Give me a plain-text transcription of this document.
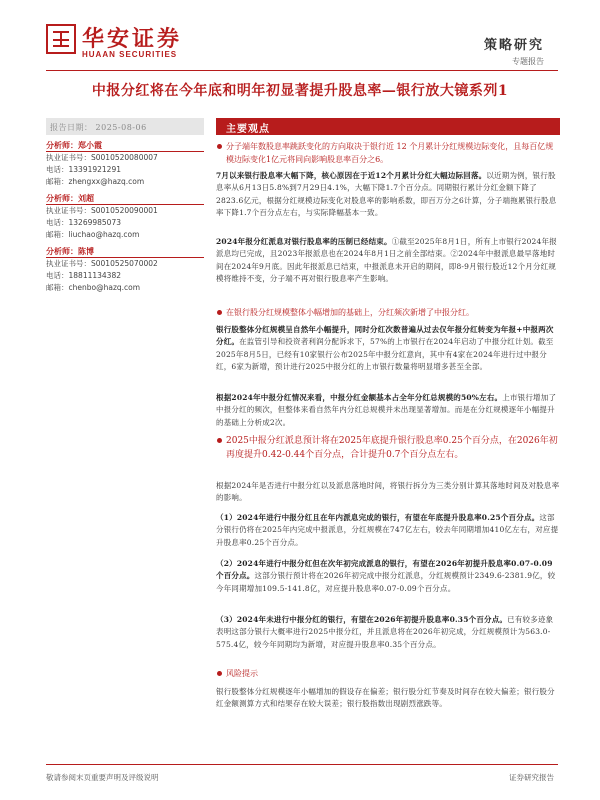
华安证券
HUAAN SECURITIES
策略研究
专题报告
中报分红将在今年底和明年初显著提升股息率—银行放大镜系列1
报告日期： 2025-08-06
分析师：郑小霞
执业证书号：S0010520080007
电话：13391921291
邮箱：zhengxx@hazq.com
分析师：刘超
执业证书号：S0010520090001
电话：13269985073
邮箱：liuchao@hazq.com
分析师：陈博
执业证书号：S0010525070002
电话：18811134382
邮箱：chenbo@hazq.com
主要观点
分子端年数股息率跳跃变化的方向取决于银行近 12 个月累计分红规模边际变化，且每百亿规模边际变化1亿元将同向影响股息率百分之6。
7月以来银行股息率大幅下降，核心原因在于近12个月累计分红大幅边际回落。以近期为例，银行股息率从6月13日5.8%到7月29日4.1%，大幅下降1.7个百分点。同期银行累计分红金额下降了2823.6亿元，根据分红规模边际变化对股息率的影响系数，即百万分之6计算，分子端拖累银行股息率下降1.7个百分点左右，与实际降幅基本一致。
2024年报分红派息对银行股息率的压制已经结束。①截至2025年8月1日，所有上市银行2024年报派息均已完成，且2023年报派息也在2024年8月1日之前全部结束。②2024年中报派息最早落地时间在2024年9月底。因此年报派息已结束，中报派息未开启的期间，即8-9月银行股近12个月分红规模将维持不变，分子端不再对银行股息率产生影响。
在银行股分红规模整体小幅增加的基础上，分红频次新增了中报分红。
银行股整体分红规模呈自然年小幅提升，同时分红次数普遍从过去仅年报分红转变为年报+中报两次分红。在监管引导和投资者利润分配诉求下，57%的上市银行在2024年启动了中报分红计划。截至2025年8月5日，已经有10家银行公布2025年中报分红意向，其中有4家在2024年进行过中报分红，6家为新增，预计进行2025中报分红的上市银行数量将明显增多甚至全部。
根据2024年中报分红情况来看，中报分红金额基本占全年分红总规模的50%左右。上市银行增加了中报分红的频次，但整体来看自然年内分红总规模并未出现显著增加。而是在分红规模逐年小幅提升的基础上分析成2次。
2025中报分红派息预计将在2025年底提升银行股息率0.25个百分点，在2026年初再度提升0.42-0.44个百分点，合计提升0.7个百分点左右。
根据2024年是否进行中报分红以及派息落地时间，将银行拆分为三类分别计算其落地时间及对股息率的影响。
（1）2024年进行中报分红且在年内派息完成的银行，有望在年底提升股息率0.25个百分点。这部分银行仍将在2025年内完成中报派息，分红规模在747亿左右，较去年同期增加410亿左右，对应提升股息率0.25个百分点。
（2）2024年进行中报分红但在次年初完成派息的银行，有望在2026年初提升股息率0.07-0.09个百分点。这部分银行预计将在2026年初完成中报分红派息，分红规模预计2349.6-2381.9亿，较今年同期增加109.5-141.8亿，对应提升股息率0.07-0.09个百分点。
（3）2024年未进行中报分红的银行，有望在2026年初提升股息率0.35个百分点。已有较多迹象表明这部分银行大概率进行2025中报分红，并且派息将在2026年初完成，分红规模预计为563.0-575.4亿，较今年同期均为新增，对应提升股息率0.35个百分点。
风险提示
银行股整体分红规模逐年小幅增加的假设存在偏差；银行股分红节奏及时间存在较大偏差；银行股分红金额测算方式和结果存在较大误差；银行股指数出现剧烈涨跌等。
敬请参阅末页重要声明及评级说明	证券研究报告
